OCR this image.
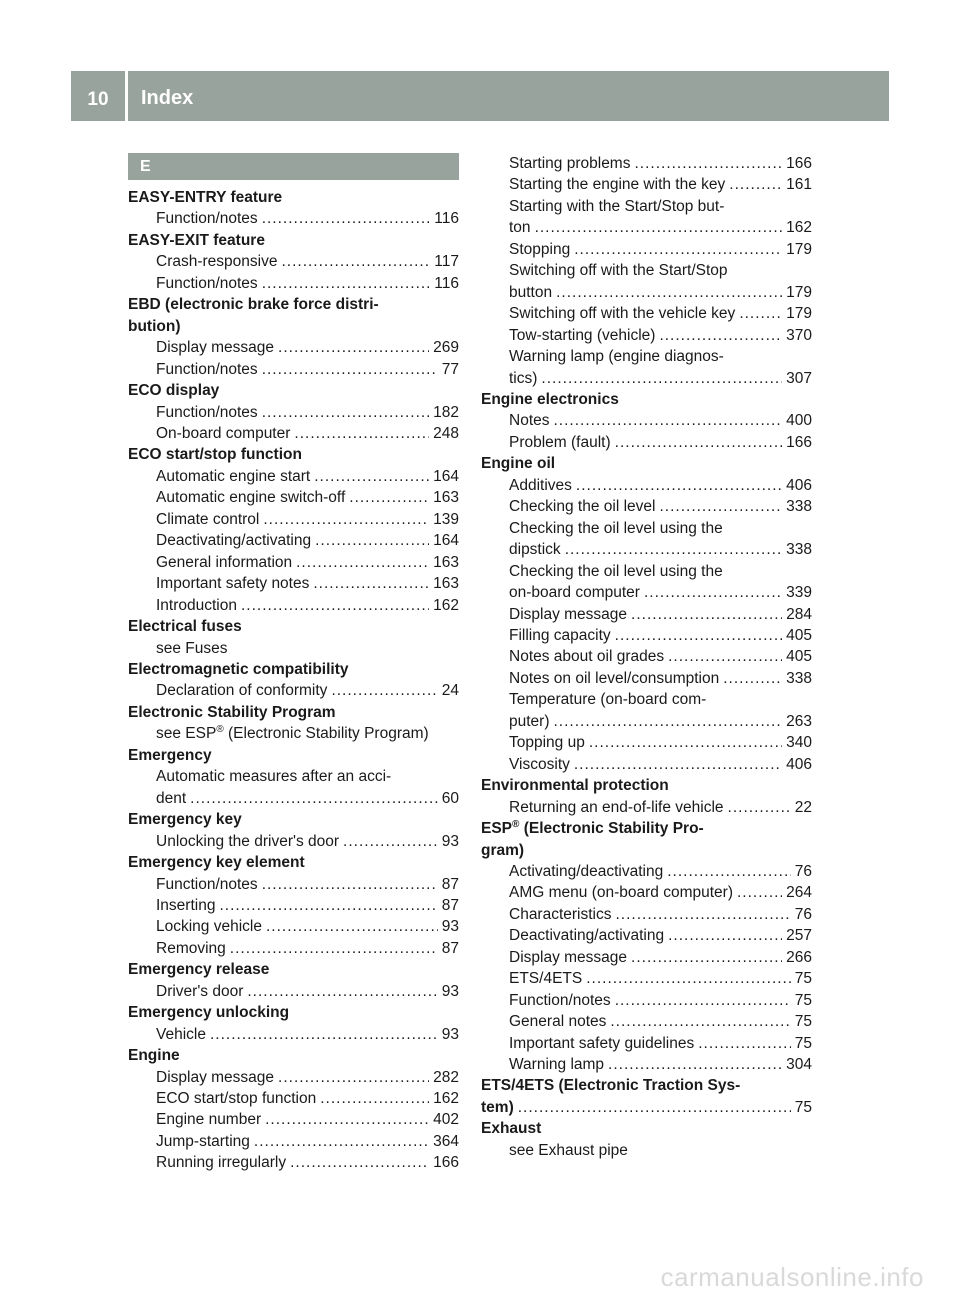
10	Index
E
EASY-ENTRY feature
Function/notes .....	116
EASY-EXIT feature
Crash-responsive .....	117
Function/notes .....	116
EBD (electronic brake force distri-
bution)
Display message .....	269
Function/notes .....	77
ECO display
Function/notes .....	182
On-board computer .....	248
ECO start/stop function
Automatic engine start .....	164
Automatic engine switch-off .....	163
Climate control .....	139
Deactivating/activating .....	164
General information .....	163
Important safety notes .....	163
Introduction .....	162
Electrical fuses
see Fuses
Electromagnetic compatibility
Declaration of conformity .....	24
Electronic Stability Program
see ESP® (Electronic Stability Program)
Emergency
Automatic measures after an acci-
dent .....	60
Emergency key
Unlocking the driver's door .....	93
Emergency key element
Function/notes .....	87
Inserting .....	87
Locking vehicle .....	93
Removing .....	87
Emergency release
Driver's door .....	93
Emergency unlocking
Vehicle .....	93
Engine
Display message .....	282
ECO start/stop function .....	162
Engine number .....	402
Jump-starting .....	364
Running irregularly .....	166
Starting problems .....	166
Starting the engine with the key .....	161
Starting with the Start/Stop but-
ton .....	162
Stopping .....	179
Switching off with the Start/Stop
button .....	179
Switching off with the vehicle key .....	179
Tow-starting (vehicle) .....	370
Warning lamp (engine diagnos-
tics) .....	307
Engine electronics
Notes .....	400
Problem (fault) .....	166
Engine oil
Additives .....	406
Checking the oil level .....	338
Checking the oil level using the
dipstick .....	338
Checking the oil level using the
on-board computer .....	339
Display message .....	284
Filling capacity .....	405
Notes about oil grades .....	405
Notes on oil level/consumption .....	338
Temperature (on-board com-
puter) .....	263
Topping up .....	340
Viscosity .....	406
Environmental protection
Returning an end-of-life vehicle .....	22
ESP® (Electronic Stability Pro-
gram)
Activating/deactivating .....	76
AMG menu (on-board computer) .....	264
Characteristics .....	76
Deactivating/activating .....	257
Display message .....	266
ETS/4ETS .....	75
Function/notes .....	75
General notes .....	75
Important safety guidelines .....	75
Warning lamp .....	304
ETS/4ETS (Electronic Traction Sys-
tem) .....	75
Exhaust
see Exhaust pipe
carmanualsonline.info
